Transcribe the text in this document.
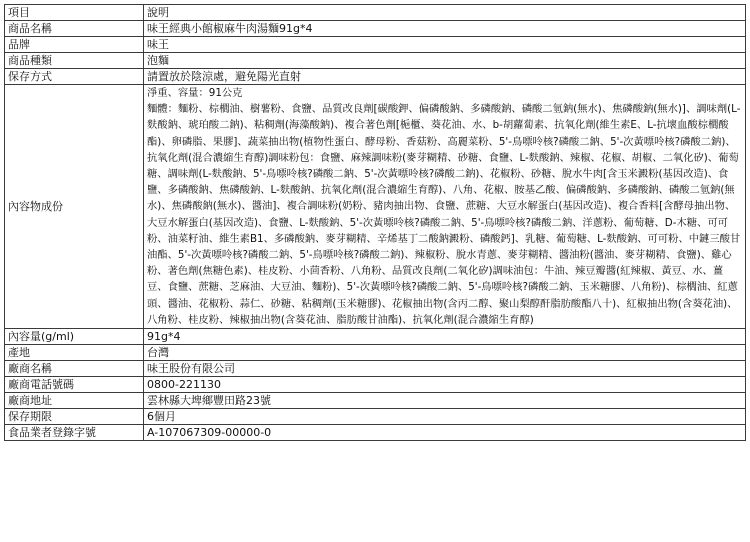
項目	說明
商品名稱	味王經典小館椒麻牛肉湯麵91g*4
品牌	味王
商品種類	泡麵
保存方式	請置放於陰涼處，避免陽光直射
內容物成份	淨重、容量：91公克
麵體：麵粉、棕櫚油、樹薯粉、食鹽、品質改良劑[碳酸鉀、偏磷酸鈉、多磷酸鈉、磷酸二氫鈉(無水)、焦磷酸鈉(無水)]、調味劑(L-麩酸鈉、琥珀酸二鈉)、粘稠劑(海藻酸鈉)、複合著色劑[梔櫃、葵花油、水、b-胡蘿蔔素、抗氧化劑(維生素E、L-抗壞血酸棕櫚酸酯)、卵磷脂、果膠]、蔬菜抽出物(植物性蛋白、酵母粉、香菇粉、高麗菜粉、5'-鳥嘌呤核?磷酸二鈉、5'-次黃嘌呤核?磷酸二鈉)、抗氧化劑(混合濃縮生育醇)調味粉包：食鹽、麻辣調味粉(麥芽糊精、砂糖、食鹽、L-麩酸鈉、辣椒、花椒、胡椒、二氧化矽)、葡萄糖、調味劑(L-麩酸鈉、5'-鳥嘌呤核?磷酸二鈉、5'-次黃嘌呤核?磷酸二鈉)、花椒粉、砂糖、脫水牛肉[含玉米澱粉(基因改造)、食鹽、多磷酸鈉、焦磷酸鈉、L-麩酸鈉、抗氧化劑(混合濃縮生育醇)、八角、花椒、胺基乙酸、偏磷酸鈉、多磷酸鈉、磷酸二氫鈉(無水)、焦磷酸鈉(無水)、醬油]、複合調味粉(奶粉、豬肉抽出物、食鹽、蔗糖、大豆水解蛋白(基因改造)、複合香料[含酵母抽出物、大豆水解蛋白(基因改造)、食鹽、L-麩酸鈉、5'-次黃嘌呤核?磷酸二鈉、5'-鳥嘌呤核?磷酸二鈉、洋蔥粉、葡萄糖、D-木糖、可可粉、油菜籽油、維生素B1、多磷酸鈉、麥芽糊精、辛烯基丁二酸鈉澱粉、磷酸鈣]、乳糖、葡萄糖、L-麩酸鈉、可可粉、中鏈三酸甘油酯、5'-次黃嘌呤核?磷酸二鈉、5'-鳥嘌呤核?磷酸二鈉)、辣椒粉、脫水青蔥、麥芽糊精、醬油粉(醬油、麥芽糊精、食鹽)、雞心粉、著色劑(焦糖色素)、桂皮粉、小茴香粉、八角粉、品質改良劑(二氧化矽)調味油包：牛油、辣豆瓣醬(紅辣椒、黃豆、水、薑豆、食鹽、蔗糖、芝麻油、大豆油、麵粉)、5'-次黃嘌呤核?磷酸二鈉、5'-鳥嘌呤核?磷酸二鈉、玉米糖膠、八角粉)、棕櫚油、紅蔥頭、醬油、花椒粉、蒜仁、砂糖、粘稠劑(玉米糖膠)、花椒抽出物(含丙二醇、聚山梨醇酐脂肪酸酯八十)、紅椒抽出物(含葵花油)、八角粉、桂皮粉、辣椒抽出物(含葵花油、脂肪酸甘油酯)、抗氧化劑(混合濃縮生育醇)

內容量(g/ml)	91g*4
產地	台灣
廠商名稱	味王股份有限公司
廠商電話號碼	0800-221130
廠商地址	雲林縣大埤鄉豐田路23號
保存期限	6個月
食品業者登錄字號	A-107067309-00000-0
